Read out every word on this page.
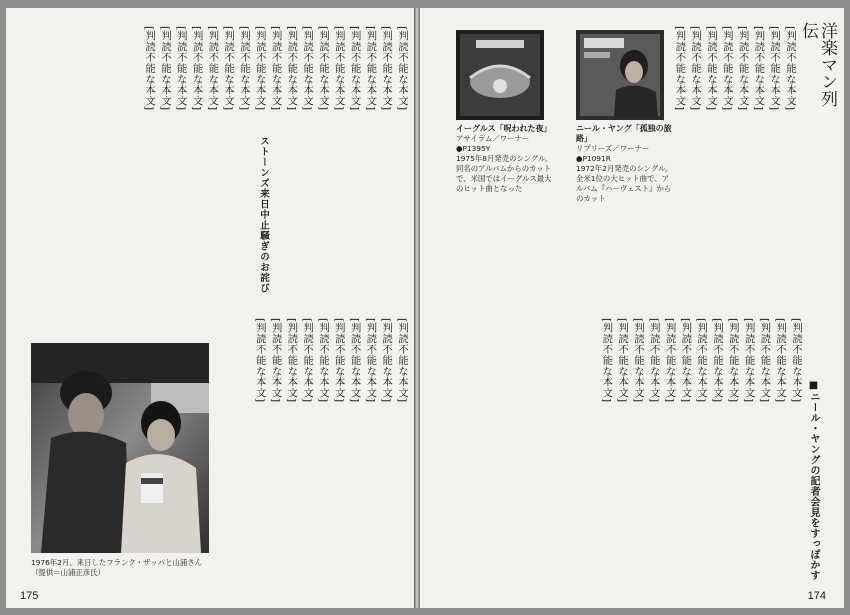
[判読不能な本文]
[判読不能な本文]
[判読不能な本文]
[判読不能な本文]
[判読不能な本文]
[判読不能な本文]
[判読不能な本文]
[判読不能な本文]
[判読不能な本文]
[判読不能な本文]
[判読不能な本文]
[判読不能な本文]
[判読不能な本文]
[判読不能な本文]
[判読不能な本文]
[判読不能な本文]
[判読不能な本文]
ストーンズ来日中止騒ぎのお詫び
[判読不能な本文]
[判読不能な本文]
[判読不能な本文]
[判読不能な本文]
[判読不能な本文]
[判読不能な本文]
[判読不能な本文]
[判読不能な本文]
[判読不能な本文]
[判読不能な本文]
1976年2月、来日したフランク・ザッパと山浦さん（提供＝山浦正彦氏）
175
洋楽マン列伝
イーグルス「呪われた夜」
アサイラム／ワーナー●P1395Y
1975年8月発売のシングル。同名のアルバムからのカットで、米国ではイーグルス最大のヒット曲となった
ニール・ヤング「孤独の旅路」
リプリーズ／ワーナー●P1091R
1972年2月発売のシングル。全米1位の大ヒット曲で、アルバム『ハーヴェスト』からのカット
[判読不能な本文]
[判読不能な本文]
[判読不能な本文]
[判読不能な本文]
[判読不能な本文]
[判読不能な本文]
[判読不能な本文]
[判読不能な本文]
■ニール・ヤングの記者会見をすっぽかす
[判読不能な本文]
[判読不能な本文]
[判読不能な本文]
[判読不能な本文]
[判読不能な本文]
[判読不能な本文]
[判読不能な本文]
[判読不能な本文]
[判読不能な本文]
[判読不能な本文]
[判読不能な本文]
[判読不能な本文]
[判読不能な本文]
174
